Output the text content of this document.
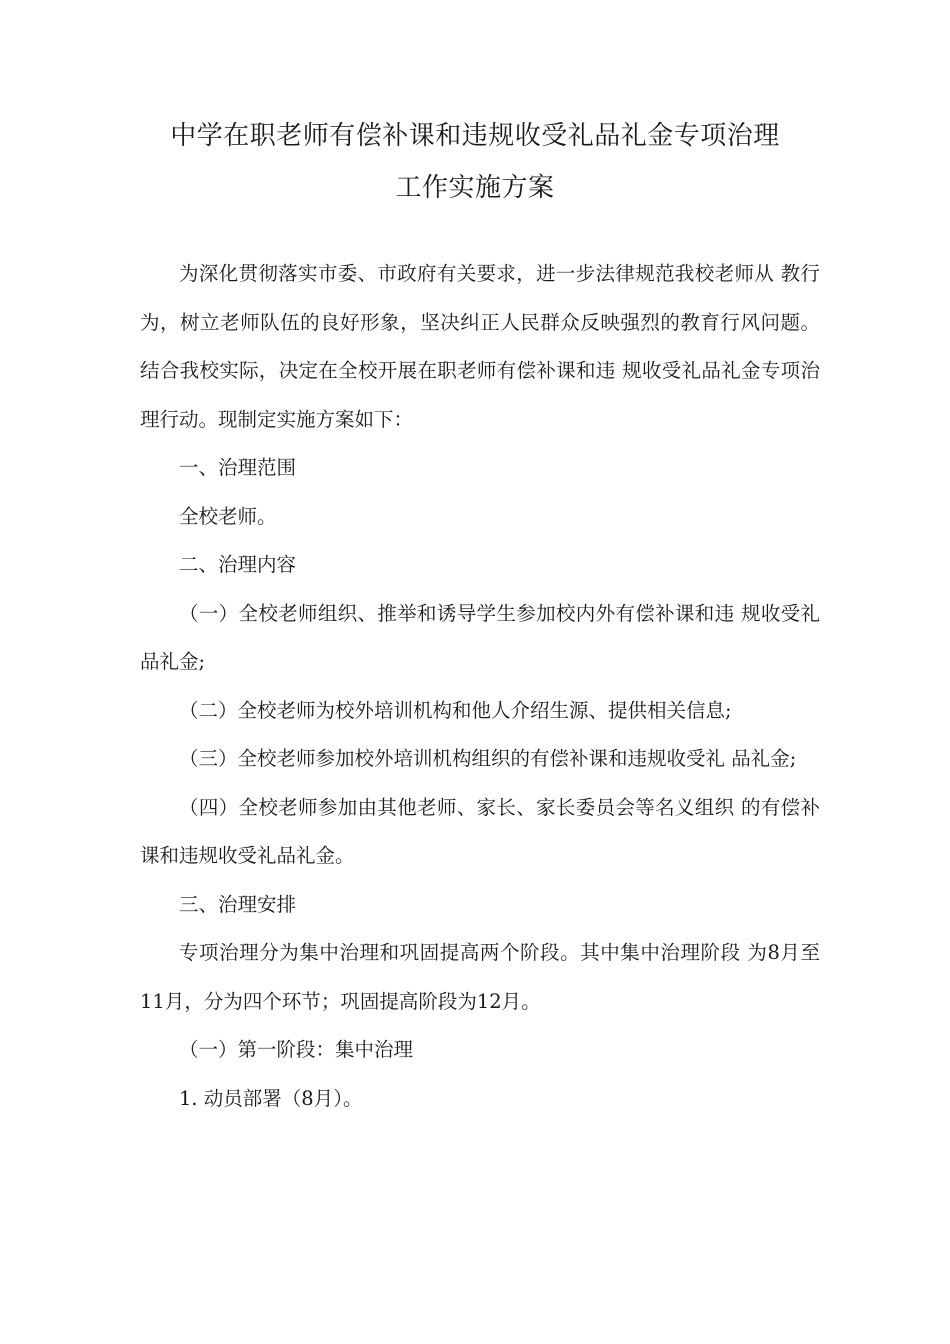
中学在职老师有偿补课和违规收受礼品礼金专项治理
工作实施方案

为深化贯彻落实市委、市政府有关要求，进一步法律规范我校老师从 教行为，树立老师队伍的良好形象，坚决纠正人民群众反映强烈的教育行风问题。结合我校实际，决定在全校开展在职老师有偿补课和违 规收受礼品礼金专项治理行动。现制定实施方案如下：

一、治理范围

全校老师。

二、治理内容

（一）全校老师组织、推举和诱导学生参加校内外有偿补课和违 规收受礼品礼金;

（二）全校老师为校外培训机构和他人介绍生源、提供相关信息;

（三）全校老师参加校外培训机构组织的有偿补课和违规收受礼 品礼金;

（四）全校老师参加由其他老师、家长、家长委员会等名义组织 的有偿补课和违规收受礼品礼金。

三、治理安排

专项治理分为集中治理和巩固提高两个阶段。其中集中治理阶段 为8月至11月，分为四个环节；巩固提高阶段为12月。

（一）第一阶段：集中治理

1. 动员部署（8月）。
